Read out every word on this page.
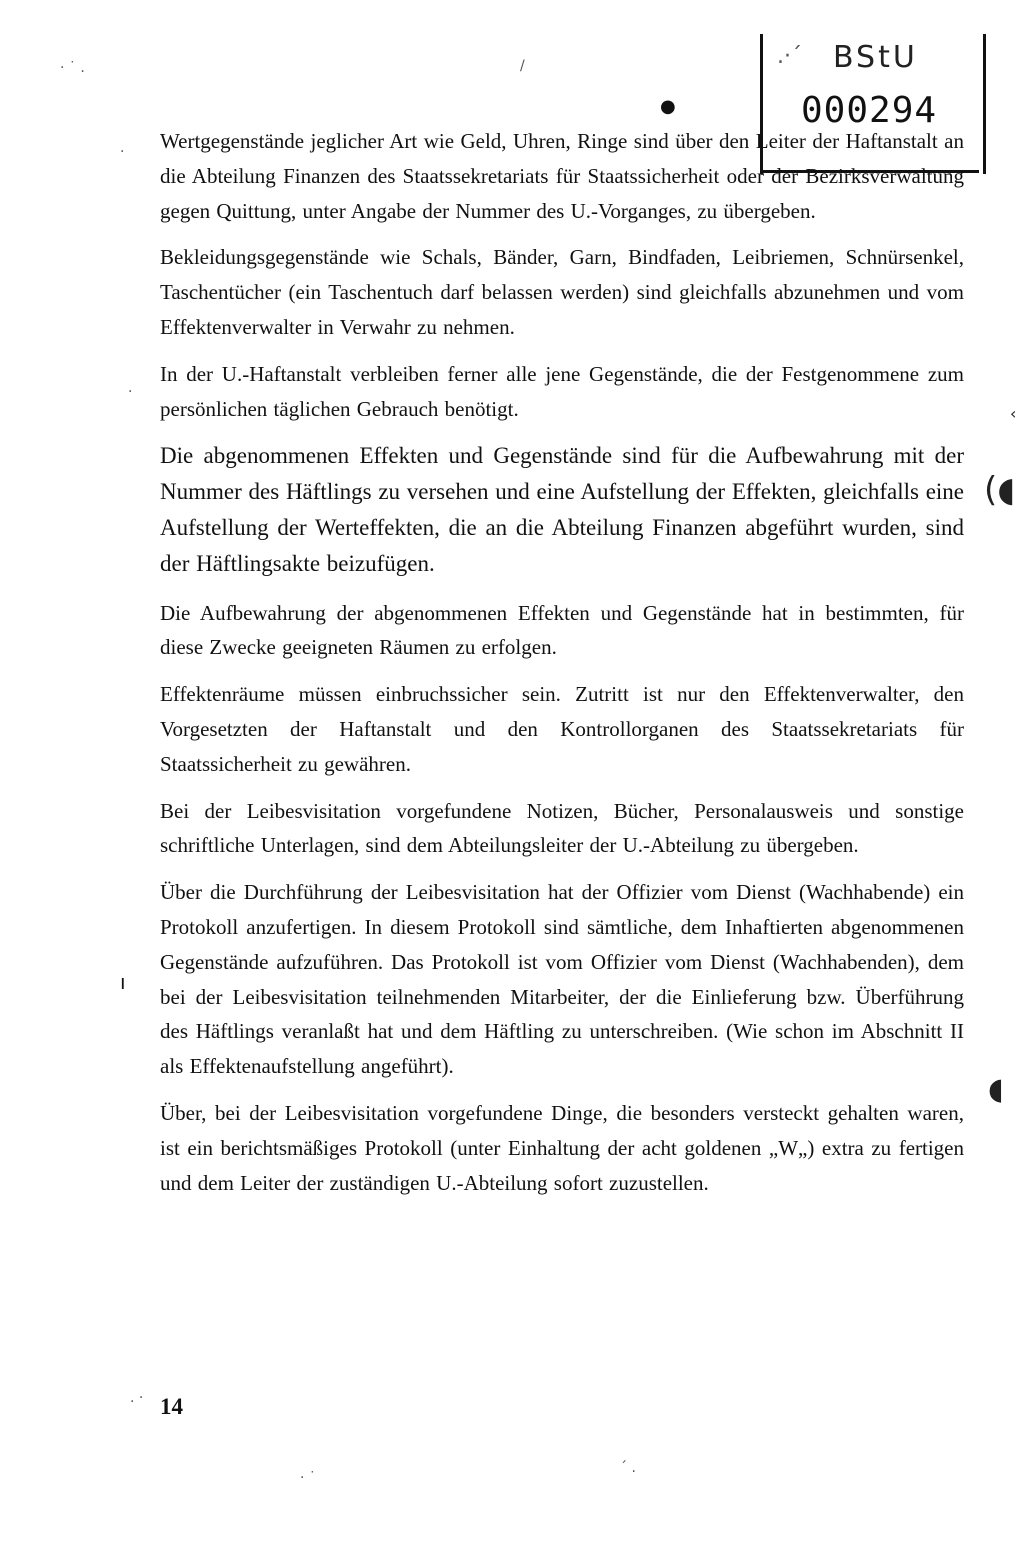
.·´ BStU
000294
· ˙ .	/
●
.
.
ı
. ·
· ˙
´ .
(◖
◖
‹

Wertgegenstände jeglicher Art wie Geld, Uhren, Ringe sind über den Leiter der Haftanstalt an die Abteilung Finanzen des Staatssekretariats für Staatssicherheit oder der Bezirksverwaltung gegen Quittung, unter Angabe der Nummer des U.-Vorganges, zu übergeben.

Bekleidungsgegenstände wie Schals, Bänder, Garn, Bindfaden, Leibriemen, Schnürsenkel, Taschentücher (ein Taschentuch darf belassen werden) sind gleichfalls abzunehmen und vom Effektenverwalter in Verwahr zu nehmen.

In der U.-Haftanstalt verbleiben ferner alle jene Gegenstände, die der Festgenommene zum persönlichen täglichen Gebrauch benötigt.

Die abgenommenen Effekten und Gegenstände sind für die Aufbewahrung mit der Nummer des Häftlings zu versehen und eine Aufstellung der Effekten, gleichfalls eine Aufstellung der Werteffekten, die an die Abteilung Finanzen abgeführt wurden, sind der Häftlingsakte beizufügen.

Die Aufbewahrung der abgenommenen Effekten und Gegenstände hat in bestimmten, für diese Zwecke geeigneten Räumen zu erfolgen.

Effektenräume müssen einbruchssicher sein. Zutritt ist nur den Effektenverwalter, den Vorgesetzten der Haftanstalt und den Kontrollorganen des Staatssekretariats für Staatssicherheit zu gewähren.

Bei der Leibesvisitation vorgefundene Notizen, Bücher, Personalausweis und sonstige schriftliche Unterlagen, sind dem Abteilungsleiter der U.-Abteilung zu übergeben.

Über die Durchführung der Leibesvisitation hat der Offizier vom Dienst (Wachhabende) ein Protokoll anzufertigen. In diesem Protokoll sind sämtliche, dem Inhaftierten abgenommenen Gegenstände aufzuführen. Das Protokoll ist vom Offizier vom Dienst (Wachhabenden), dem bei der Leibesvisitation teilnehmenden Mitarbeiter, der die Einlieferung bzw. Überführung des Häftlings veranlaßt hat und dem Häftling zu unterschreiben. (Wie schon im Abschnitt II als Effektenaufstellung angeführt).

Über, bei der Leibesvisitation vorgefundene Dinge, die besonders versteckt gehalten waren, ist ein berichtsmäßiges Protokoll (unter Einhaltung der acht goldenen „W„) extra zu fertigen und dem Leiter der zuständigen U.-Abteilung sofort zuzustellen.

14
